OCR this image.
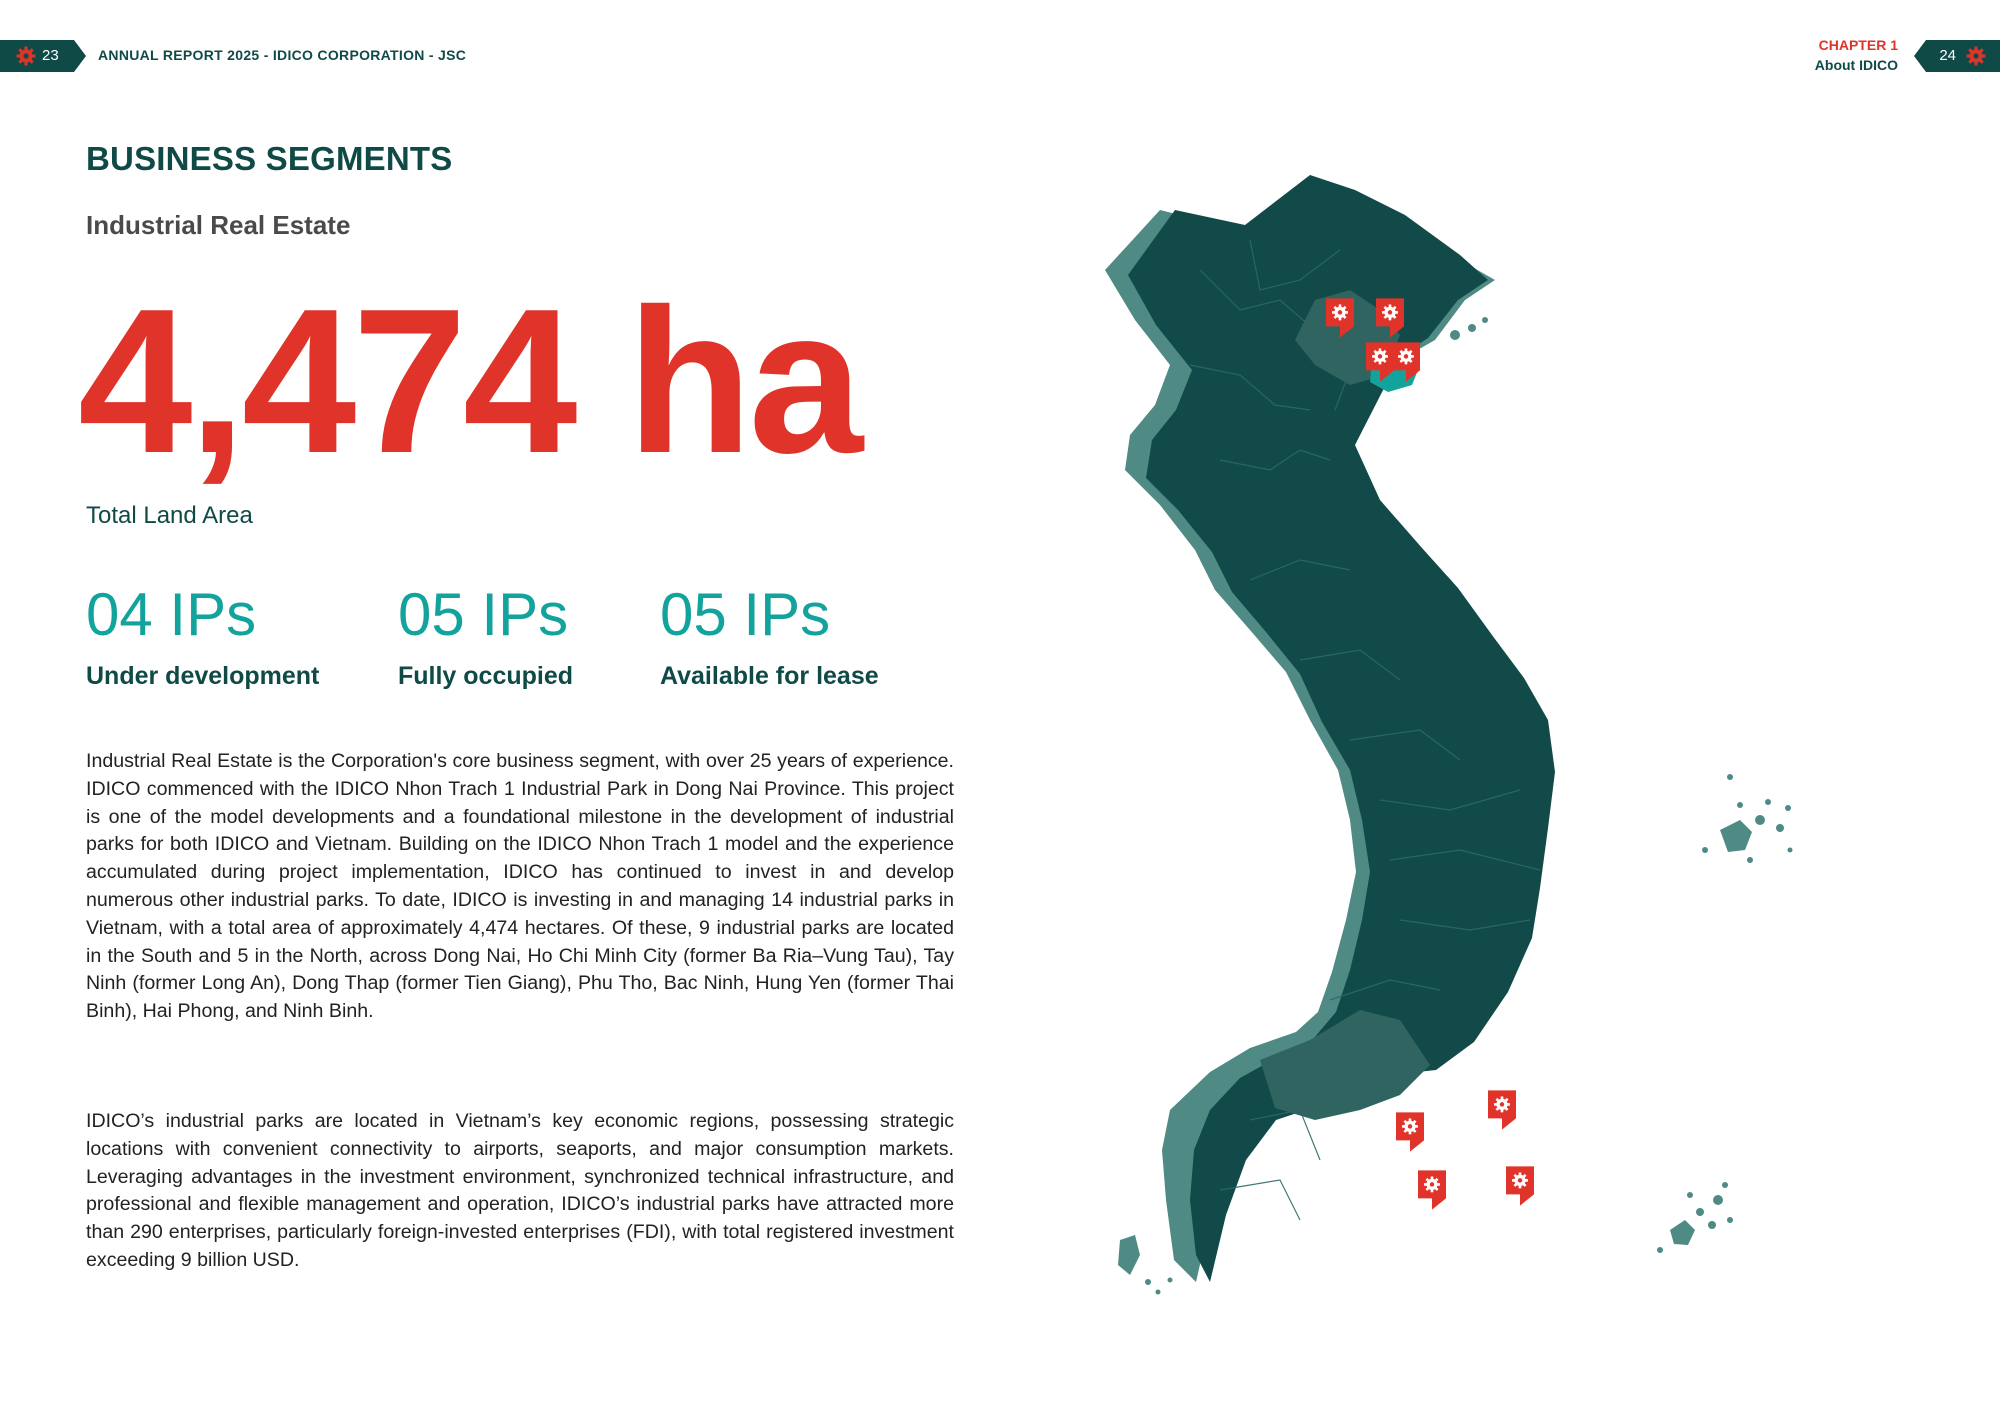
23	ANNUAL REPORT 2025 - IDICO CORPORATION - JSC
CHAPTER 1
About IDICO
24
BUSINESS SEGMENTS
Industrial Real Estate
4,474 ha
Total Land Area
04 IPs
Under development
05 IPs
Fully occupied
05 IPs
Available for lease

Industrial Real Estate is the Corporation's core business segment, with over 25 years of experience. IDICO commenced with the IDICO Nhon Trach 1 Industrial Park in Dong Nai Province. This project is one of the model developments and a foundational milestone in the development of industrial parks for both IDICO and Vietnam. Building on the IDICO Nhon Trach 1 model and the experience accumulated during project implementation, IDICO has continued to invest in and develop numerous other industrial parks. To date, IDICO is investing in and managing 14 industrial parks in Vietnam, with a total area of approximately 4,474 hectares. Of these, 9 industrial parks are located in the South and 5 in the North, across Dong Nai, Ho Chi Minh City (former Ba Ria–Vung Tau), Tay Ninh (former Long An), Dong Thap (former Tien Giang), Phu Tho, Bac Ninh, Hung Yen (former Thai Binh), Hai Phong, and Ninh Binh.

IDICO’s industrial parks are located in Vietnam’s key economic regions, possessing strategic locations with convenient connectivity to airports, seaports, and major consumption markets. Leveraging advantages in the investment environment, synchronized technical infrastructure, and professional and flexible management and operation, IDICO’s industrial parks have attracted more than 290 enterprises, particularly foreign-invested enterprises (FDI), with total registered investment exceeding 9 billion USD.
